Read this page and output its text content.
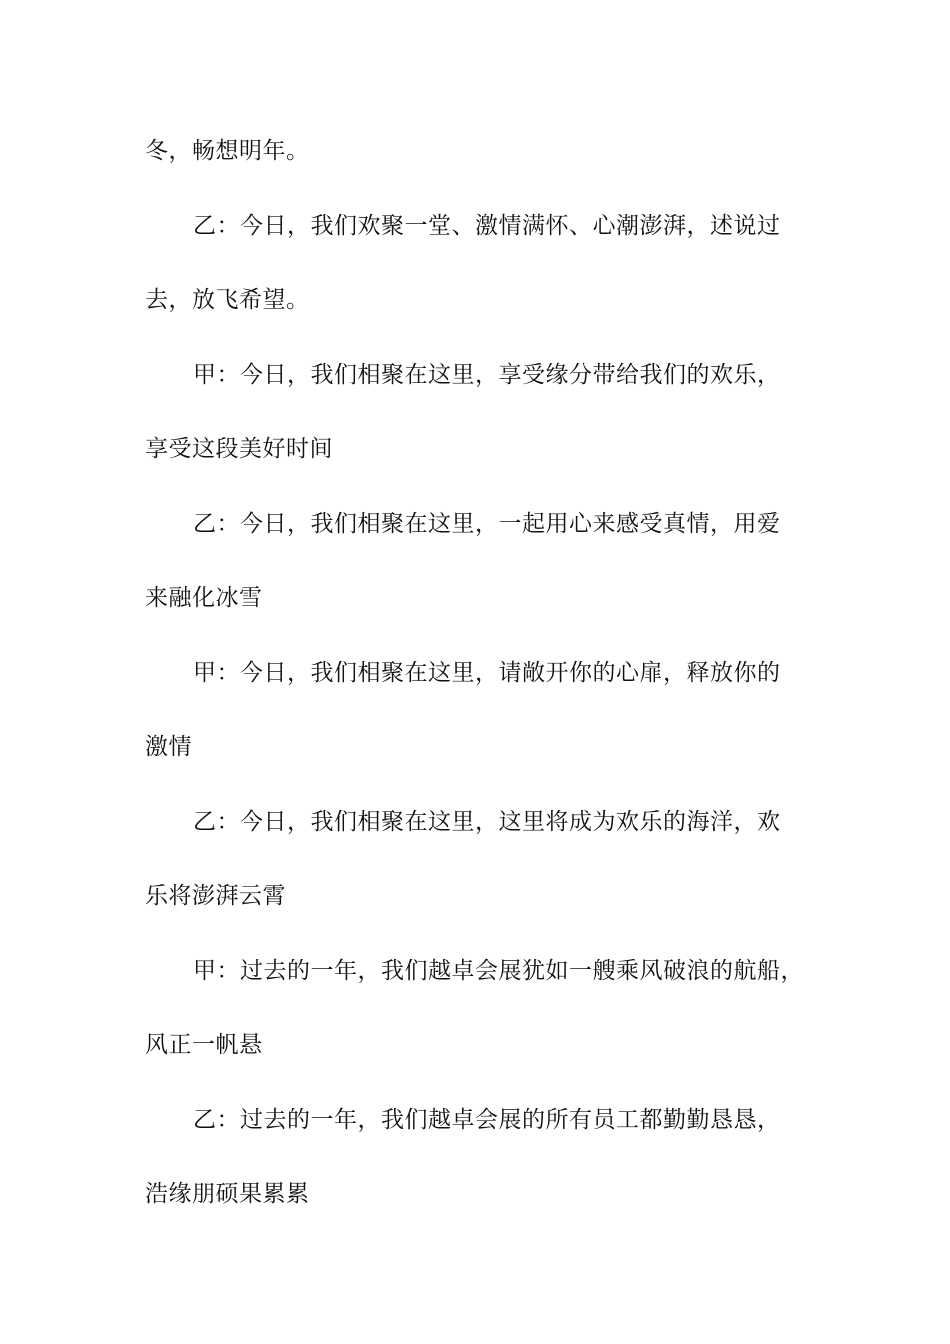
冬，畅想明年。
乙：今日，我们欢聚一堂、激情满怀、心潮澎湃，述说过
去，放飞希望。
甲：今日，我们相聚在这里，享受缘分带给我们的欢乐，
享受这段美好时间
乙：今日，我们相聚在这里，一起用心来感受真情，用爱
来融化冰雪
甲：今日，我们相聚在这里，请敞开你的心扉，释放你的
激情
乙：今日，我们相聚在这里，这里将成为欢乐的海洋，欢
乐将澎湃云霄
甲：过去的一年，我们越卓会展犹如一艘乘风破浪的航船，
风正一帆悬
乙：过去的一年，我们越卓会展的所有员工都勤勤恳恳，
浩缘朋硕果累累
